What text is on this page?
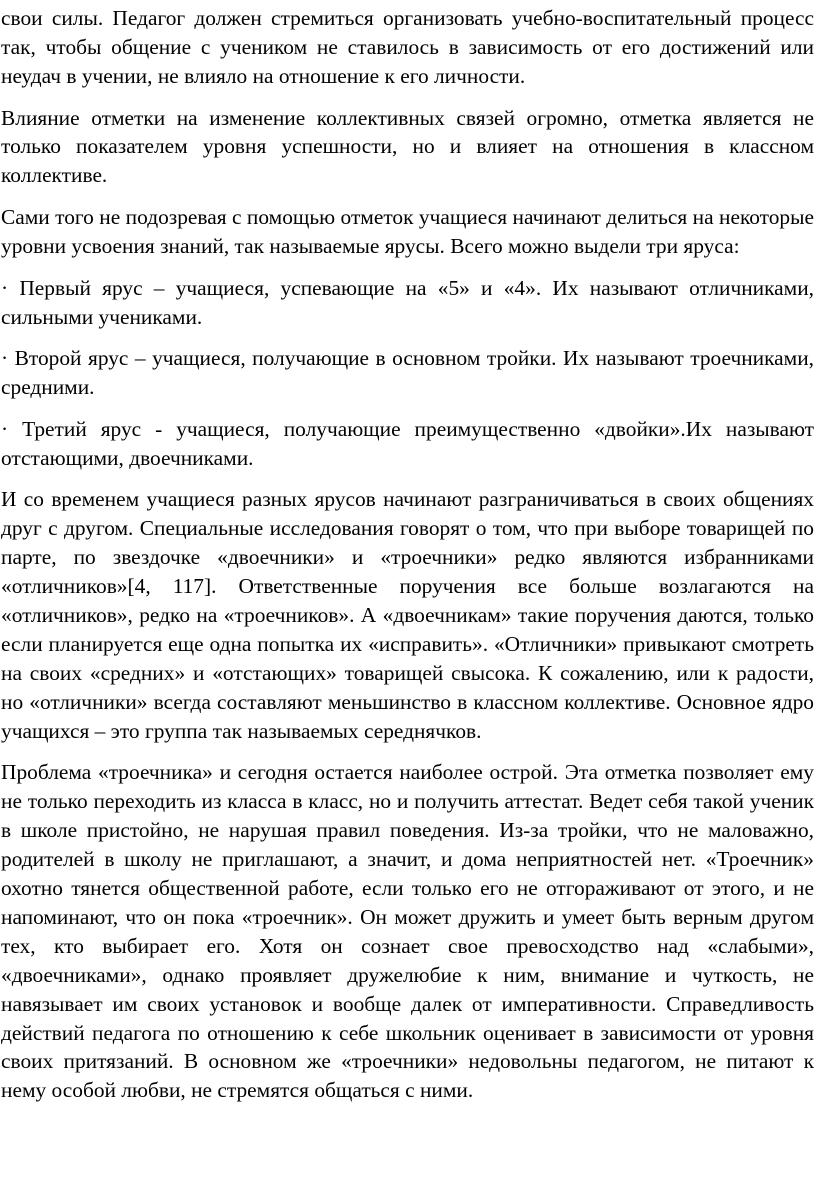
свои силы. Педагог должен стремиться организовать учебно-воспитательный процесс так, чтобы общение с учеником не ставилось в зависимость от его достижений или неудач в учении, не влияло на отношение к его личности.

Влияние отметки на изменение коллективных связей огромно, отметка является не только показателем уровня успешности, но и влияет на отношения в классном коллективе.

Сами того не подозревая с помощью отметок учащиеся начинают делиться на некоторые уровни усвоения знаний, так называемые ярусы. Всего можно выдели три яруса:

· Первый ярус – учащиеся, успевающие на «5» и «4». Их называют отличниками, сильными учениками.

· Второй ярус – учащиеся, получающие в основном тройки. Их называют троечниками, средними.

· Третий ярус - учащиеся, получающие преимущественно «двойки».Их называют отстающими, двоечниками.

И со временем учащиеся разных ярусов начинают разграничиваться в своих общениях друг с другом. Специальные исследования говорят о том, что при выборе товарищей по парте, по звездочке «двоечники» и «троечники» редко являются избранниками «отличников»[4, 117]. Ответственные поручения все больше возлагаются на «отличников», редко на «троечников». А «двоечникам» такие поручения даются, только если планируется еще одна попытка их «исправить». «Отличники» привыкают смотреть на своих «средних» и «отстающих» товарищей свысока. К сожалению, или к радости, но «отличники» всегда составляют меньшинство в классном коллективе. Основное ядро учащихся – это группа так называемых середнячков.

Проблема «троечника» и сегодня остается наиболее острой. Эта отметка позволяет ему не только переходить из класса в класс, но и получить аттестат. Ведет себя такой ученик в школе пристойно, не нарушая правил поведения. Из-за тройки, что не маловажно, родителей в школу не приглашают, а значит, и дома неприятностей нет. «Троечник» охотно тянется общественной работе, если только его не отгораживают от этого, и не напоминают, что он пока «троечник». Он может дружить и умеет быть верным другом тех, кто выбирает его. Хотя он сознает свое превосходство над «слабыми», «двоечниками», однако проявляет дружелюбие к ним, внимание и чуткость, не навязывает им своих установок и вообще далек от императивности. Справедливость действий педагога по отношению к себе школьник оценивает в зависимости от уровня своих притязаний. В основном же «троечники» недовольны педагогом, не питают к нему особой любви, не стремятся общаться с ними.
